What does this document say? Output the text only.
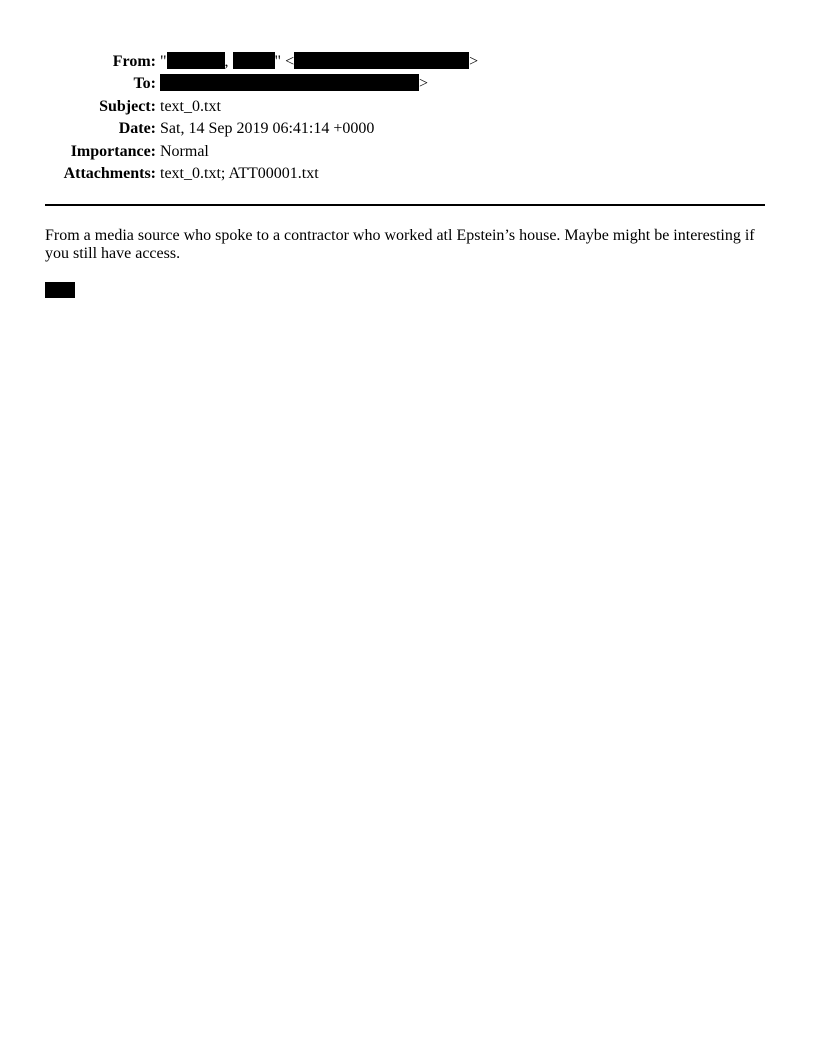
From: "	,	" <	>
To:	>
Subject: text_0.txt
Date: Sat, 14 Sep 2019 06:41:14 +0000
Importance: Normal
Attachments: text_0.txt; ATT00001.txt
From a media source who spoke to a contractor who worked atl Epstein’s house. Maybe might be interesting if you still have access.
